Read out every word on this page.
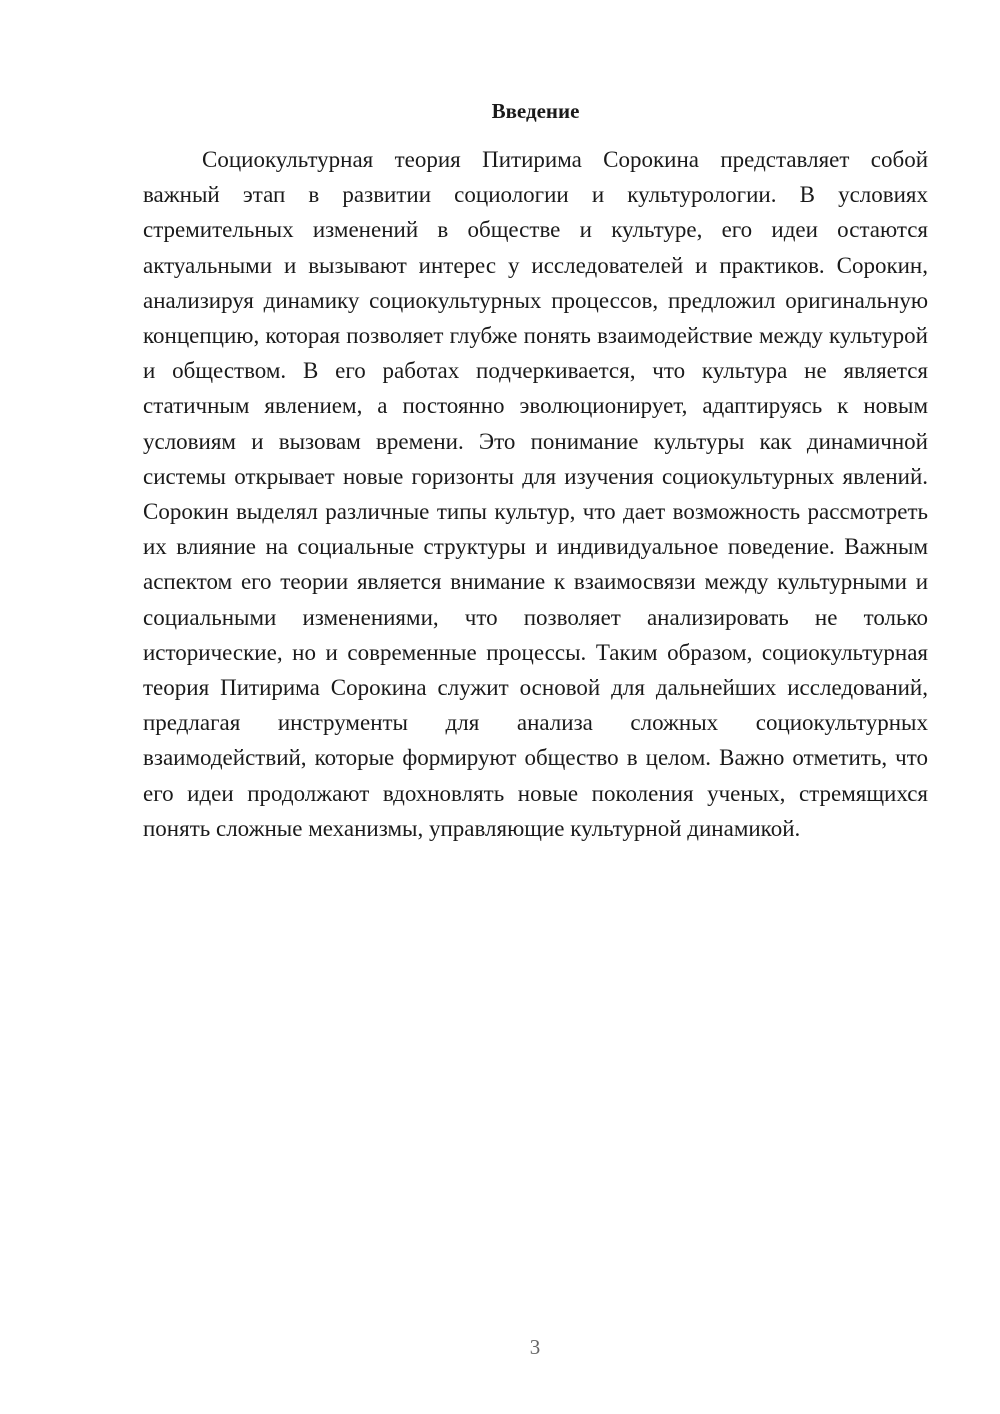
Введение

Социокультурная теория Питирима Сорокина представляет собой важный этап в развитии социологии и культурологии. В условиях стремительных изменений в обществе и культуре, его идеи остаются актуальными и вызывают интерес у исследователей и практиков. Сорокин, анализируя динамику социокультурных процессов, предложил оригинальную концепцию, которая позволяет глубже понять взаимодействие между культурой и обществом. В его работах подчеркивается, что культура не является статичным явлением, а постоянно эволюционирует, адаптируясь к новым условиям и вызовам времени. Это понимание культуры как динамичной системы открывает новые горизонты для изучения социокультурных явлений. Сорокин выделял различные типы культур, что дает возможность рассмотреть их влияние на социальные структуры и индивидуальное поведение. Важным аспектом его теории является внимание к взаимосвязи между культурными и социальными изменениями, что позволяет анализировать не только исторические, но и современные процессы. Таким образом, социокультурная теория Питирима Сорокина служит основой для дальнейших исследований, предлагая инструменты для анализа сложных социокультурных взаимодействий, которые формируют общество в целом. Важно отметить, что его идеи продолжают вдохновлять новые поколения ученых, стремящихся понять сложные механизмы, управляющие культурной динамикой.

3
